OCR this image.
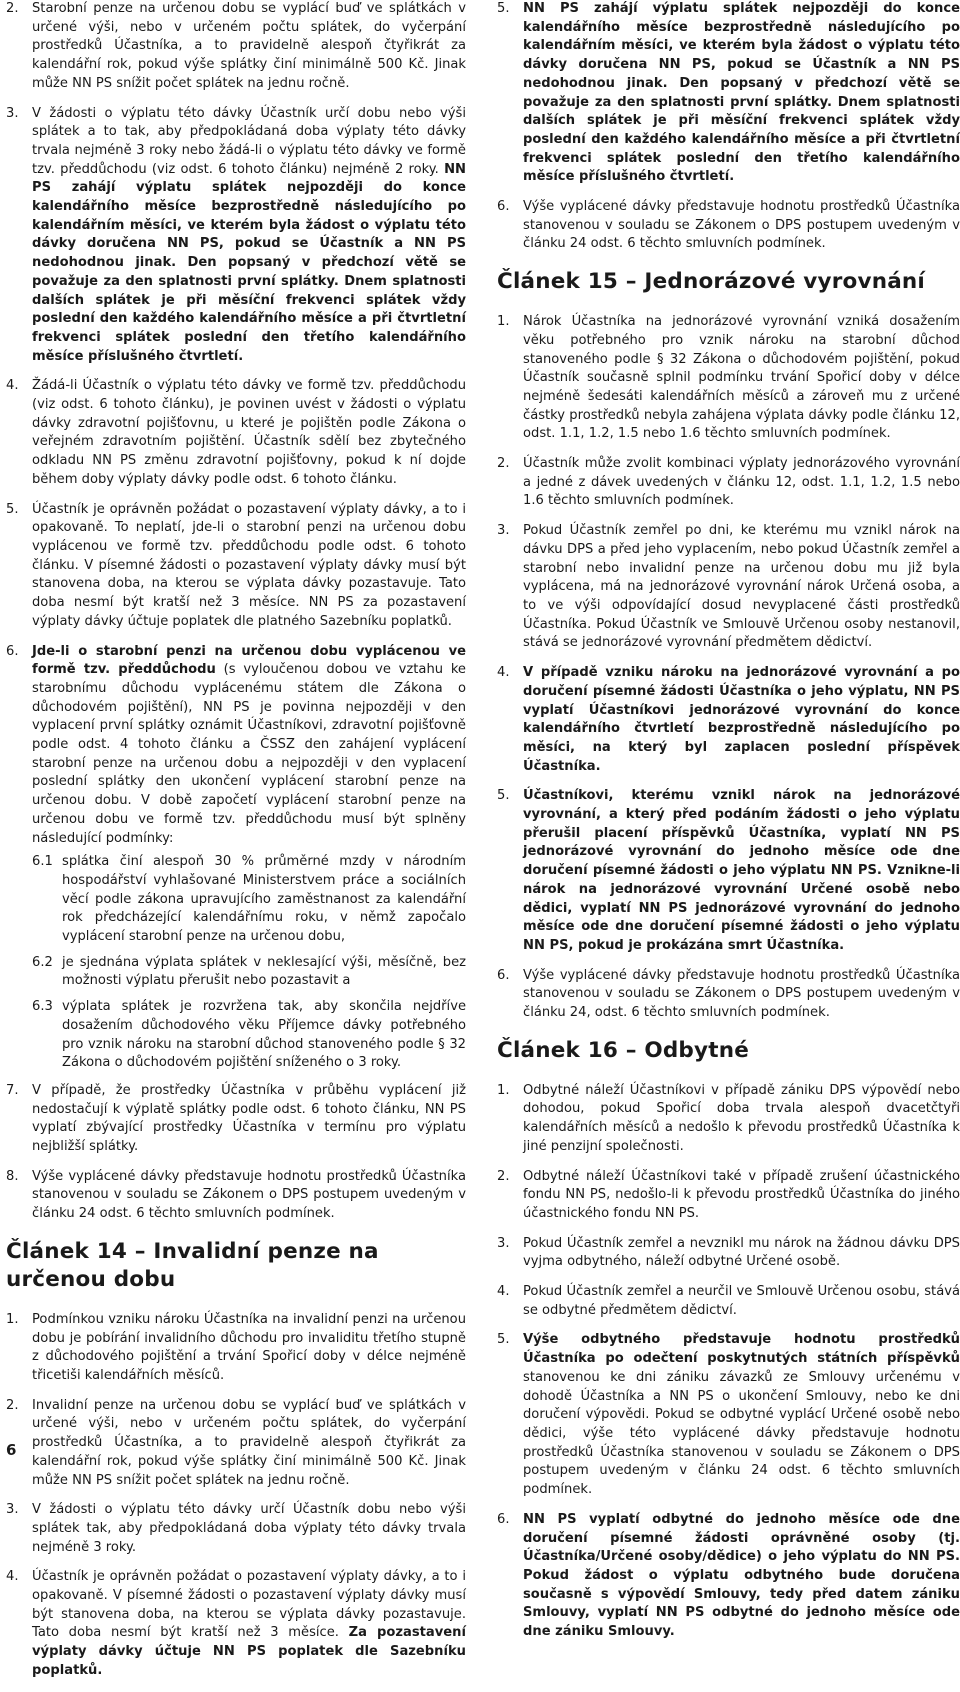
2.	Starobní penze na určenou dobu se vyplácí buď ve splátkách v určené výši, nebo v určeném počtu splátek, do vyčerpání prostředků Účastníka, a to pravidelně alespoň čtyřikrát za kalendářní rok, pokud výše splátky činí minimálně 500 Kč. Jinak může NN PS snížit počet splátek na jednu ročně.
3.	V žádosti o výplatu této dávky Účastník určí dobu nebo výši splátek a to tak, aby předpokládaná doba výplaty této dávky trvala nejméně 3 roky nebo žádá-li o výplatu této dávky ve formě tzv. předdůchodu (viz odst. 6 tohoto článku) nejméně 2 roky. NN PS zahájí výplatu splátek nejpozději do konce kalendářního měsíce bezprostředně následujícího po kalendářním měsíci, ve kterém byla žádost o výplatu této dávky doručena NN PS, pokud se Účastník a NN PS nedohodnou jinak. Den popsaný v předchozí větě se považuje za den splatnosti první splátky. Dnem splatnosti dalších splátek je při měsíční frekvenci splátek vždy poslední den každého kalendářního měsíce a při čtvrtletní frekvenci splátek poslední den třetího kalendářního měsíce příslušného čtvrtletí.
4.	Žádá-li Účastník o výplatu této dávky ve formě tzv. předdůchodu (viz odst. 6 tohoto článku), je povinen uvést v žádosti o výplatu dávky zdravotní pojišťovnu, u které je pojištěn podle Zákona o veřejném zdravotním pojištění. Účastník sdělí bez zbytečného odkladu NN PS změnu zdravotní pojišťovny, pokud k ní dojde během doby výplaty dávky podle odst. 6 tohoto článku.
5.	Účastník je oprávněn požádat o pozastavení výplaty dávky, a to i opakovaně. To neplatí, jde-li o starobní penzi na určenou dobu vyplácenou ve formě tzv. předdůchodu podle odst. 6 tohoto článku. V písemné žádosti o pozastavení výplaty dávky musí být stanovena doba, na kterou se výplata dávky pozastavuje. Tato doba nesmí být kratší než 3 měsíce. NN PS za pozastavení výplaty dávky účtuje poplatek dle platného Sazebníku poplatků.
6.	Jde-li o starobní penzi na určenou dobu vyplácenou ve formě tzv. předdůchodu (s vyloučenou dobou ve vztahu ke starobnímu důchodu vyplácenému státem dle Zákona o důchodovém pojištění), NN PS je povinna nejpozději v den vyplacení první splátky oznámit Účastníkovi, zdravotní pojišťovně podle odst. 4 tohoto článku a ČSSZ den zahájení vyplácení starobní penze na určenou dobu a nejpozději v den vyplacení poslední splátky den ukončení vyplácení starobní penze na určenou dobu. V době započetí vyplácení starobní penze na určenou dobu ve formě tzv. předdůchodu musí být splněny následující podmínky:
6.1 splátka činí alespoň 30 % průměrné mzdy v národním hospodářství vyhlašované Ministerstvem práce a sociálních věcí podle zákona upravujícího zaměstnanost za kalendářní rok předcházející kalendářnímu roku, v němž započalo vyplácení starobní penze na určenou dobu,
6.2 je sjednána výplata splátek v neklesající výši, měsíčně, bez možnosti výplatu přerušit nebo pozastavit a
6.3 výplata splátek je rozvržena tak, aby skončila nejdříve dosažením důchodového věku Příjemce dávky potřebného pro vznik nároku na starobní důchod stanoveného podle § 32 Zákona o důchodovém pojištění sníženého o 3 roky.
7.	V případě, že prostředky Účastníka v průběhu vyplácení již nedostačují k výplatě splátky podle odst. 6 tohoto článku, NN PS vyplatí zbývající prostředky Účastníka v termínu pro výplatu nejbližší splátky.
8.	Výše vyplácené dávky představuje hodnotu prostředků Účastníka stanovenou v souladu se Zákonem o DPS postupem uvedeným v článku 24 odst. 6 těchto smluvních podmínek.
Článek 14 – Invalidní penze na určenou dobu
1.	Podmínkou vzniku nároku Účastníka na invalidní penzi na určenou dobu je pobírání invalidního důchodu pro invaliditu třetího stupně z důchodového pojištění a trvání Spořicí doby v délce nejméně třicetiši kalendářních měsíců.
2.	Invalidní penze na určenou dobu se vyplácí buď ve splátkách v určené výši, nebo v určeném počtu splátek, do vyčerpání prostředků Účastníka, a to pravidelně alespoň čtyřikrát za kalendářní rok, pokud výše splátky činí minimálně 500 Kč. Jinak může NN PS snížit počet splátek na jednu ročně.
3.	V žádosti o výplatu této dávky určí Účastník dobu nebo výši splátek tak, aby předpokládaná doba výplaty této dávky trvala nejméně 3 roky.
4.	Účastník je oprávněn požádat o pozastavení výplaty dávky, a to i opakovaně. V písemné žádosti o pozastavení výplaty dávky musí být stanovena doba, na kterou se výplata dávky pozastavuje. Tato doba nesmí být kratší než 3 měsíce. Za pozastavení výplaty dávky účtuje NN PS poplatek dle Sazebníku poplatků.
5.	NN PS zahájí výplatu splátek nejpozději do konce kalendářního měsíce bezprostředně následujícího po kalendářním měsíci, ve kterém byla žádost o výplatu této dávky doručena NN PS, pokud se Účastník a NN PS nedohodnou jinak. Den popsaný v předchozí větě se považuje za den splatnosti první splátky. Dnem splatnosti dalších splátek je při měsíční frekvenci splátek vždy poslední den každého kalendářního měsíce a při čtvrtletní frekvenci splátek poslední den třetího kalendářního měsíce příslušného čtvrtletí.
6.	Výše vyplácené dávky představuje hodnotu prostředků Účastníka stanovenou v souladu se Zákonem o DPS postupem uvedeným v článku 24 odst. 6 těchto smluvních podmínek.
Článek 15 – Jednorázové vyrovnání
1.	Nárok Účastníka na jednorázové vyrovnání vzniká dosažením věku potřebného pro vznik nároku na starobní důchod stanoveného podle § 32 Zákona o důchodovém pojištění, pokud Účastník současně splnil podmínku trvání Spořicí doby v délce nejméně šedesáti kalendářních měsíců a zároveň mu z určené částky prostředků nebyla zahájena výplata dávky podle článku 12, odst. 1.1, 1.2, 1.5 nebo 1.6 těchto smluvních podmínek.
2.	Účastník může zvolit kombinaci výplaty jednorázového vyrovnání a jedné z dávek uvedených v článku 12, odst. 1.1, 1.2, 1.5 nebo 1.6 těchto smluvních podmínek.
3.	Pokud Účastník zemřel po dni, ke kterému mu vznikl nárok na dávku DPS a před jeho vyplacením, nebo pokud Účastník zemřel a starobní nebo invalidní penze na určenou dobu mu již byla vyplácena, má na jednorázové vyrovnání nárok Určená osoba, a to ve výši odpovídající dosud nevyplacené části prostředků Účastníka. Pokud Účastník ve Smlouvě Určenou osoby nestanovil, stává se jednorázové vyrovnání předmětem dědictví.
4.	V případě vzniku nároku na jednorázové vyrovnání a po doručení písemné žádosti Účastníka o jeho výplatu, NN PS vyplatí Účastníkovi jednorázové vyrovnání do konce kalendářního čtvrtletí bezprostředně následujícího po měsíci, na který byl zaplacen poslední příspěvek Účastníka.
5.	Účastníkovi, kterému vznikl nárok na jednorázové vyrovnání, a který před podáním žádosti o jeho výplatu přerušil placení příspěvků Účastníka, vyplatí NN PS jednorázové vyrovnání do jednoho měsíce ode dne doručení písemné žádosti o jeho výplatu NN PS. Vznikne-li nárok na jednorázové vyrovnání Určené osobě nebo dědici, vyplatí NN PS jednorázové vyrovnání do jednoho měsíce ode dne doručení písemné žádosti o jeho výplatu NN PS, pokud je prokázána smrt Účastníka.
6.	Výše vyplácené dávky představuje hodnotu prostředků Účastníka stanovenou v souladu se Zákonem o DPS postupem uvedeným v článku 24, odst. 6 těchto smluvních podmínek.
Článek 16 – Odbytné
1.	Odbytné náleží Účastníkovi v případě zániku DPS výpovědí nebo dohodou, pokud Spořicí doba trvala alespoň dvacetčtyři kalendářních měsíců a nedošlo k převodu prostředků Účastníka k jiné penzijní společnosti.
2.	Odbytné náleží Účastníkovi také v případě zrušení účastnického fondu NN PS, nedošlo-li k převodu prostředků Účastníka do jiného účastnického fondu NN PS.
3.	Pokud Účastník zemřel a nevznikl mu nárok na žádnou dávku DPS vyjma odbytného, náleží odbytné Určené osobě.
4.	Pokud Účastník zemřel a neurčil ve Smlouvě Určenou osobu, stává se odbytné předmětem dědictví.
5.	Výše odbytného představuje hodnotu prostředků Účastníka po odečtení poskytnutých státních příspěvků stanovenou ke dni zániku závazků ze Smlouvy určenému v dohodě Účastníka a NN PS o ukončení Smlouvy, nebo ke dni doručení výpovědi. Pokud se odbytné vyplácí Určené osobě nebo dědici, výše této vyplácené dávky představuje hodnotu prostředků Účastníka stanovenou v souladu se Zákonem o DPS postupem uvedeným v článku 24 odst. 6 těchto smluvních podmínek.
6.	NN PS vyplatí odbytné do jednoho měsíce ode dne doručení písemné žádosti oprávněné osoby (tj. Účastníka/Určené osoby/dědice) o jeho výplatu do NN PS. Pokud žádost o výplatu odbytného bude doručena současně s výpovědí Smlouvy, tedy před datem zániku Smlouvy, vyplatí NN PS odbytné do jednoho měsíce ode dne zániku Smlouvy.
6
